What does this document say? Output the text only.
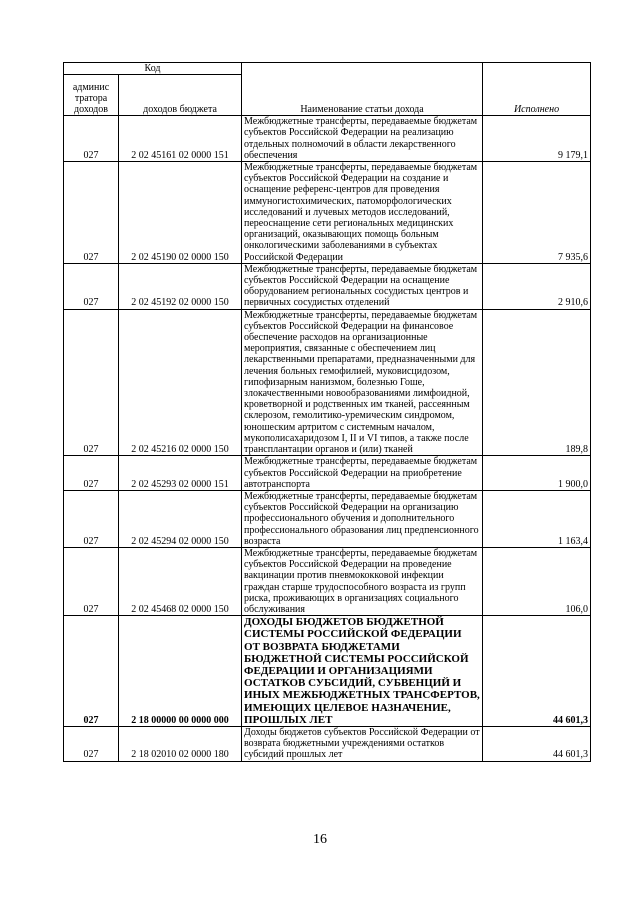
Код		Наименование статьи дохода	Исполнено
админис тратора доходов	доходов бюджета		
027	2 02 45161 02 0000 151	Межбюджетные трансферты, передаваемые бюджетам субъектов Российской Федерации на реализацию отдельных полномочий в области лекарственного обеспечения	9 179,1
027	2 02 45190 02 0000 150	Межбюджетные трансферты, передаваемые бюджетам субъектов Российской Федерации на создание и оснащение референс-центров для проведения иммуногистохимических, патоморфологических исследований и лучевых методов исследований, переоснащение сети региональных медицинских организаций, оказывающих помощь больным онкологическими заболеваниями в субъектах Российской Федерации	7 935,6
027	2 02 45192 02 0000 150	Межбюджетные трансферты, передаваемые бюджетам субъектов Российской Федерации на оснащение оборудованием региональных сосудистых центров и первичных сосудистых отделений	2 910,6
027	2 02 45216 02 0000 150	Межбюджетные трансферты, передаваемые бюджетам субъектов Российской Федерации на финансовое обеспечение расходов на организационные мероприятия, связанные с обеспечением лиц лекарственными препаратами, предназначенными для лечения больных гемофилией, муковисцидозом, гипофизарным нанизмом, болезнью Гоше, злокачественными новообразованиями лимфоидной, кроветворной и родственных им тканей, рассеянным склерозом, гемолитико-уремическим синдромом, юношеским артритом с системным началом, мукополисахаридозом I, II и VI типов, а также после трансплантации органов и (или) тканей	189,8
027	2 02 45293 02 0000 151	Межбюджетные трансферты, передаваемые бюджетам субъектов Российской Федерации на приобретение автотранспорта	1 900,0
027	2 02 45294 02 0000 150	Межбюджетные трансферты, передаваемые бюджетам субъектов Российской Федерации на организацию профессионального обучения и дополнительного профессионального образования лиц предпенсионного возраста	1 163,4
027	2 02 45468 02 0000 150	Межбюджетные трансферты, передаваемые бюджетам субъектов Российской Федерации на проведение вакцинации против пневмококковой инфекции граждан старше трудоспособного возраста из групп риска, проживающих в организациях социального обслуживания	106,0
027	2 18 00000 00 0000 000	ДОХОДЫ БЮДЖЕТОВ БЮДЖЕТНОЙ СИСТЕМЫ РОССИЙСКОЙ ФЕДЕРАЦИИ ОТ ВОЗВРАТА БЮДЖЕТАМИ БЮДЖЕТНОЙ СИСТЕМЫ РОССИЙСКОЙ ФЕДЕРАЦИИ И ОРГАНИЗАЦИЯМИ ОСТАТКОВ СУБСИДИЙ, СУБВЕНЦИЙ И ИНЫХ МЕЖБЮДЖЕТНЫХ ТРАНСФЕРТОВ, ИМЕЮЩИХ ЦЕЛЕВОЕ НАЗНАЧЕНИЕ, ПРОШЛЫХ ЛЕТ	44 601,3
027	2 18 02010 02 0000 180	Доходы бюджетов субъектов Российской Федерации от возврата бюджетными учреждениями остатков субсидий прошлых лет	44 601,3
16
